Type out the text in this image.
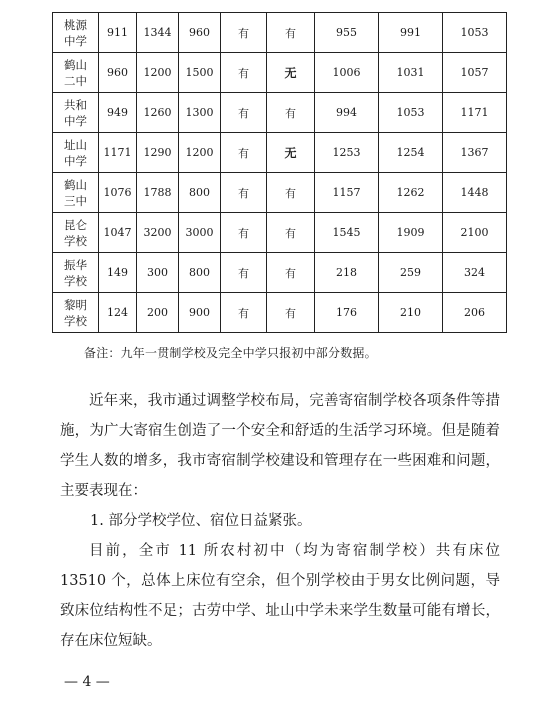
桃源
中学	911	1344	960	有	有	955	991	1053

鹤山
二中	960	1200	1500	有	无	1006	1031	1057

共和
中学	949	1260	1300	有	有	994	1053	1171

址山
中学	1171	1290	1200	有	无	1253	1254	1367

鹤山
三中	1076	1788	800	有	有	1157	1262	1448

昆仑
学校	1047	3200	3000	有	有	1545	1909	2100

振华
学校	149	300	800	有	有	218	259	324

黎明
学校	124	200	900	有	有	176	210	206
备注：九年一贯制学校及完全中学只报初中部分数据。
近年来，我市通过调整学校布局，完善寄宿制学校各项条件等措施，为广大寄宿生创造了一个安全和舒适的生活学习环境。但是随着学生人数的增多，我市寄宿制学校建设和管理存在一些困难和问题，主要表现在：
1. 部分学校学位、宿位日益紧张。
目前，全市 11 所农村初中（均为寄宿制学校）共有床位 13510 个，总体上床位有空余，但个别学校由于男女比例问题，导致床位结构性不足；古劳中学、址山中学未来学生数量可能有增长，存在床位短缺。
— 4 —
